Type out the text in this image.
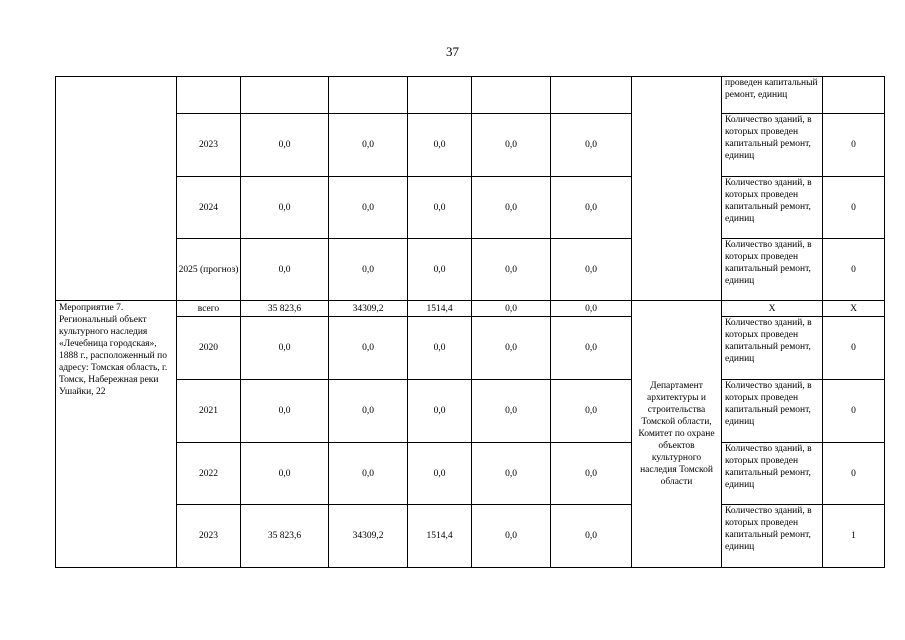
37

								проведен капитальный ремонт, единиц	

	2023	0,0	0,0	0,0	0,0	0,0		Количество зданий, в которых проведен капитальный ремонт, единиц	0
	2024	0,0	0,0	0,0	0,0	0,0		Количество зданий, в которых проведен капитальный ремонт, единиц	0
	2025 (прогноз)	0,0	0,0	0,0	0,0	0,0		Количество зданий, в которых проведен капитальный ремонт, единиц	0
Мероприятие 7. Региональный объект культурного наследия «Лечебница городская», 1888 г., расположенный по адресу: Томская область, г. Томск, Набережная реки Ушайки, 22	всего	35 823,6	34309,2	1514,4	0,0	0,0	Департамент архитектуры и строительства Томской области, Комитет по охране объектов культурного наследия Томской области	Х	Х
	2020	0,0	0,0	0,0	0,0	0,0		Количество зданий, в которых проведен капитальный ремонт, единиц	0
	2021	0,0	0,0	0,0	0,0	0,0		Количество зданий, в которых проведен капитальный ремонт, единиц	0
	2022	0,0	0,0	0,0	0,0	0,0		Количество зданий, в которых проведен капитальный ремонт, единиц	0
	2023	35 823,6	34309,2	1514,4	0,0	0,0		Количество зданий, в которых проведен капитальный ремонт, единиц	1
